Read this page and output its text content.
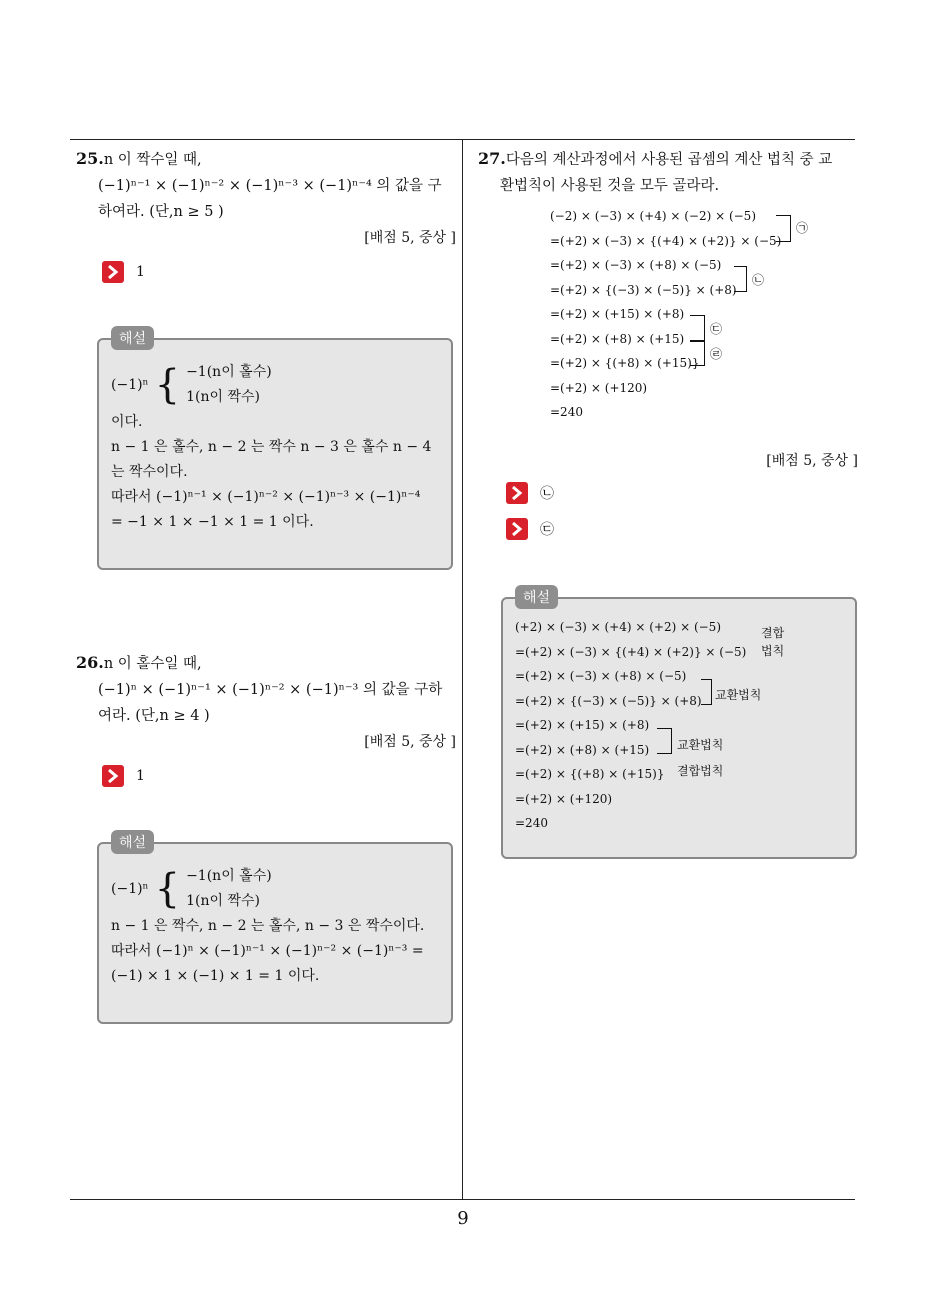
25.n 이 짝수일 때,
(−1)ⁿ⁻¹ × (−1)ⁿ⁻² × (−1)ⁿ⁻³ × (−1)ⁿ⁻⁴ 의 값을 구
하여라. (단,n ≥ 5 )
[배점 5, 중상 ]
1
해설
(−1)ⁿ { −1(n이 홀수)
1(n이 짝수)
이다.
n − 1 은 홀수, n − 2 는 짝수 n − 3 은 홀수 n − 4
는 짝수이다.
따라서 (−1)ⁿ⁻¹ × (−1)ⁿ⁻² × (−1)ⁿ⁻³ × (−1)ⁿ⁻⁴
= −1 × 1 × −1 × 1 = 1 이다.
26.n 이 홀수일 때,
(−1)ⁿ × (−1)ⁿ⁻¹ × (−1)ⁿ⁻² × (−1)ⁿ⁻³ 의 값을 구하
여라. (단,n ≥ 4 )
[배점 5, 중상 ]
1
해설
(−1)ⁿ { −1(n이 홀수)
1(n이 짝수)
n − 1 은 짝수, n − 2 는 홀수, n − 3 은 짝수이다.
따라서 (−1)ⁿ × (−1)ⁿ⁻¹ × (−1)ⁿ⁻² × (−1)ⁿ⁻³ =
(−1) × 1 × (−1) × 1 = 1 이다.
27.다음의 계산과정에서 사용된 곱셈의 계산 법칙 중 교
환법칙이 사용된 것을 모두 골라라.
(−2) × (−3) × (+4) × (−2) × (−5)
=(+2) × (−3) × {(+4) × (+2)} × (−5)
=(+2) × (−3) × (+8) × (−5)
=(+2) × {(−3) × (−5)} × (+8)
=(+2) × (+15) × (+8)
=(+2) × (+8) × (+15)
=(+2) × {(+8) × (+15)}
=(+2) × (+120)
=240
㉠
㉡
㉢
㉣
[배점 5, 중상 ]
㉡
㉢
해설
(+2) × (−3) × (+4) × (+2) × (−5)
=(+2) × (−3) × {(+4) × (+2)} × (−5)
=(+2) × (−3) × (+8) × (−5)
=(+2) × {(−3) × (−5)} × (+8)
=(+2) × (+15) × (+8)
=(+2) × (+8) × (+15)
=(+2) × {(+8) × (+15)}
=(+2) × (+120)
=240
결합
법칙
교환법칙
교환법칙
결합법칙
9
